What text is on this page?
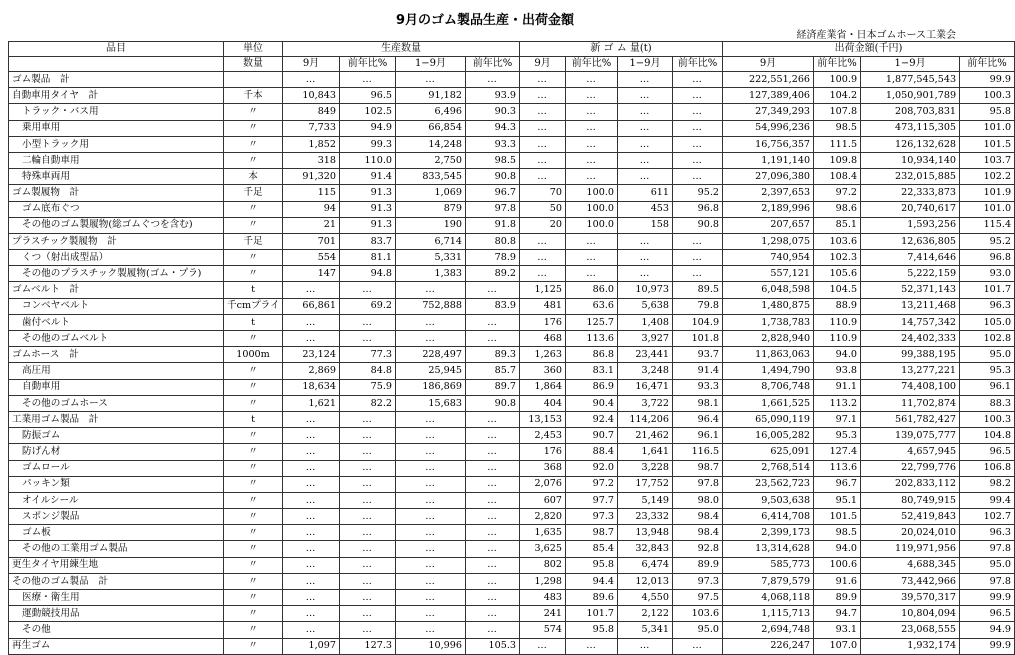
9月のゴム製品生産・出荷金額
経済産業省・日本ゴムホース工業会
品目	単位	生産数量				新 ゴ ム 量(t)				出荷金額(千円)			
	数量	9月	前年比%	1−9月	前年比%	9月	前年比%	1−9月	前年比%	9月	前年比%	1−9月	前年比%
ゴム製品　計		…	…	…	…	…	…	…	…	222,551,266	100.9	1,877,545,543	99.9
自動車用タイヤ　計	千本	10,843	96.5	91,182	93.9	…	…	…	…	127,389,406	104.2	1,050,901,789	100.3
トラック・バス用	〃	849	102.5	6,496	90.3	…	…	…	…	27,349,293	107.8	208,703,831	95.8
乗用車用	〃	7,733	94.9	66,854	94.3	…	…	…	…	54,996,236	98.5	473,115,305	101.0
小型トラック用	〃	1,852	99.3	14,248	93.3	…	…	…	…	16,756,357	111.5	126,132,628	101.5
二輪自動車用	〃	318	110.0	2,750	98.5	…	…	…	…	1,191,140	109.8	10,934,140	103.7
特殊車両用	本	91,320	91.4	833,545	90.8	…	…	…	…	27,096,380	108.4	232,015,885	102.2
ゴム製履物　計	千足	115	91.3	1,069	96.7	70	100.0	611	95.2	2,397,653	97.2	22,333,873	101.9
ゴム底布ぐつ	〃	94	91.3	879	97.8	50	100.0	453	96.8	2,189,996	98.6	20,740,617	101.0
その他のゴム製履物(総ゴムぐつを含む)	〃	21	91.3	190	91.8	20	100.0	158	90.8	207,657	85.1	1,593,256	115.4
プラスチック製履物　計	千足	701	83.7	6,714	80.8	…	…	…	…	1,298,075	103.6	12,636,805	95.2
くつ（射出成型品）	〃	554	81.1	5,331	78.9	…	…	…	…	740,954	102.3	7,414,646	96.8
その他のプラスチック製履物(ゴム・プラ)	〃	147	94.8	1,383	89.2	…	…	…	…	557,121	105.6	5,222,159	93.0
ゴムベルト　計	t	…	…	…	…	1,125	86.0	10,973	89.5	6,048,598	104.5	52,371,143	101.7
コンベヤベルト	千cmプライ	66,861	69.2	752,888	83.9	481	63.6	5,638	79.8	1,480,875	88.9	13,211,468	96.3
歯付ベルト	t	…	…	…	…	176	125.7	1,408	104.9	1,738,783	110.9	14,757,342	105.0
その他のゴムベルト	〃	…	…	…	…	468	113.6	3,927	101.8	2,828,940	110.9	24,402,333	102.8
ゴムホース　計	1000m	23,124	77.3	228,497	89.3	1,263	86.8	23,441	93.7	11,863,063	94.0	99,388,195	95.0
高圧用	〃	2,869	84.8	25,945	85.7	360	83.1	3,248	91.4	1,494,790	93.8	13,277,221	95.3
自動車用	〃	18,634	75.9	186,869	89.7	1,864	86.9	16,471	93.3	8,706,748	91.1	74,408,100	96.1
その他のゴムホース	〃	1,621	82.2	15,683	90.8	404	90.4	3,722	98.1	1,661,525	113.2	11,702,874	88.3
工業用ゴム製品　計	t	…	…	…	…	13,153	92.4	114,206	96.4	65,090,119	97.1	561,782,427	100.3
防振ゴム	〃	…	…	…	…	2,453	90.7	21,462	96.1	16,005,282	95.3	139,075,777	104.8
防げん材	〃	…	…	…	…	176	88.4	1,641	116.5	625,091	127.4	4,657,945	96.5
ゴムロール	〃	…	…	…	…	368	92.0	3,228	98.7	2,768,514	113.6	22,799,776	106.8
パッキン類	〃	…	…	…	…	2,076	97.2	17,752	97.8	23,562,723	96.7	202,833,112	98.2
オイルシール	〃	…	…	…	…	607	97.7	5,149	98.0	9,503,638	95.1	80,749,915	99.4
スポンジ製品	〃	…	…	…	…	2,820	97.3	23,332	98.4	6,414,708	101.5	52,419,843	102.7
ゴム板	〃	…	…	…	…	1,635	98.7	13,948	98.4	2,399,173	98.5	20,024,010	96.3
その他の工業用ゴム製品	〃	…	…	…	…	3,625	85.4	32,843	92.8	13,314,628	94.0	119,971,956	97.8
更生タイヤ用練生地	〃	…	…	…	…	802	95.8	6,474	89.9	585,773	100.6	4,688,345	95.0
その他のゴム製品　計	〃	…	…	…	…	1,298	94.4	12,013	97.3	7,879,579	91.6	73,442,966	97.8
医療・衛生用	〃	…	…	…	…	483	89.6	4,550	97.5	4,068,118	89.9	39,570,317	99.9
運動競技用品	〃	…	…	…	…	241	101.7	2,122	103.6	1,115,713	94.7	10,804,094	96.5
その他	〃	…	…	…	…	574	95.8	5,341	95.0	2,694,748	93.1	23,068,555	94.9
再生ゴム	〃	1,097	127.3	10,996	105.3	…	…	…	…	226,247	107.0	1,932,174	99.9
